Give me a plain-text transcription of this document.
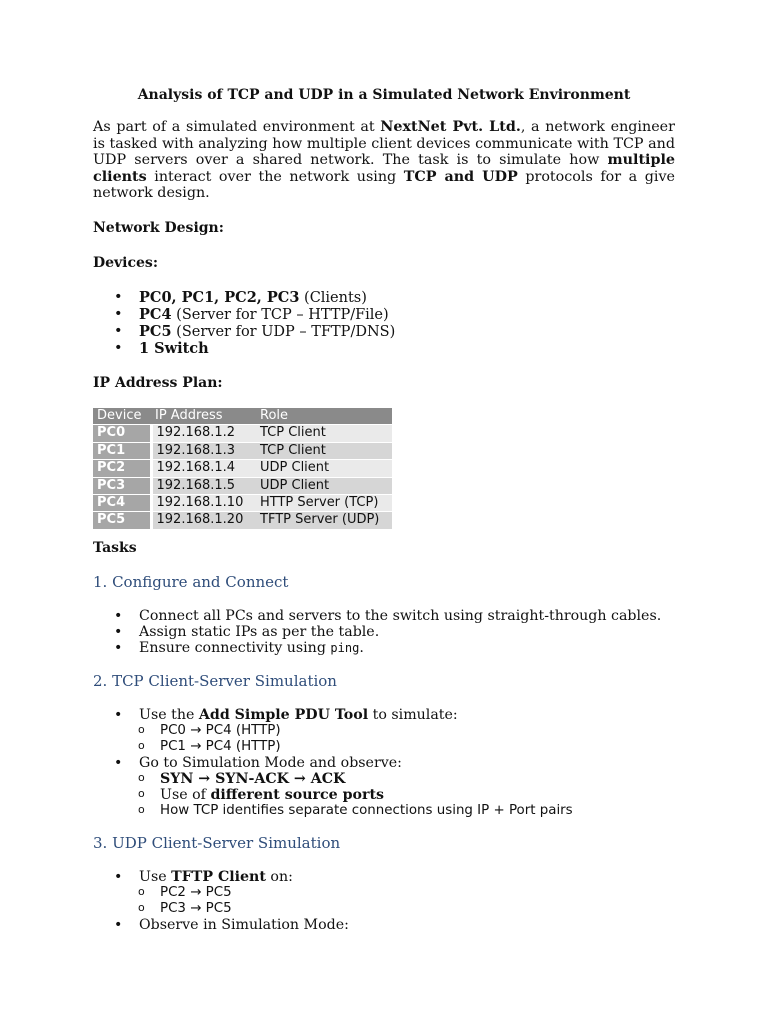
Analysis of TCP and UDP in a Simulated Network Environment
As part of a simulated environment at NextNet Pvt. Ltd., a network engineer is tasked with analyzing how multiple client devices communicate with TCP and UDP servers over a shared network. The task is to simulate how multiple clients interact over the network using TCP and UDP protocols for a give network design.
Network Design:
Devices:
• PC0, PC1, PC2, PC3 (Clients)
• PC4 (Server for TCP – HTTP/File)
• PC5 (Server for UDP – TFTP/DNS)
• 1 Switch
IP Address Plan:
Device	IP Address	Role
PC0	192.168.1.2	TCP Client
PC1	192.168.1.3	TCP Client
PC2	192.168.1.4	UDP Client
PC3	192.168.1.5	UDP Client
PC4	192.168.1.10	HTTP Server (TCP)
PC5	192.168.1.20	TFTP Server (UDP)
Tasks
1. Configure and Connect
• Connect all PCs and servers to the switch using straight-through cables.
• Assign static IPs as per the table.
• Ensure connectivity using ping.
2. TCP Client-Server Simulation
• Use the Add Simple PDU Tool to simulate:
o PC0 → PC4 (HTTP)
o PC1 → PC4 (HTTP)
• Go to Simulation Mode and observe:
o SYN → SYN-ACK → ACK
o Use of different source ports
o How TCP identifies separate connections using IP + Port pairs
3. UDP Client-Server Simulation
• Use TFTP Client on:
o PC2 → PC5
o PC3 → PC5
• Observe in Simulation Mode:
